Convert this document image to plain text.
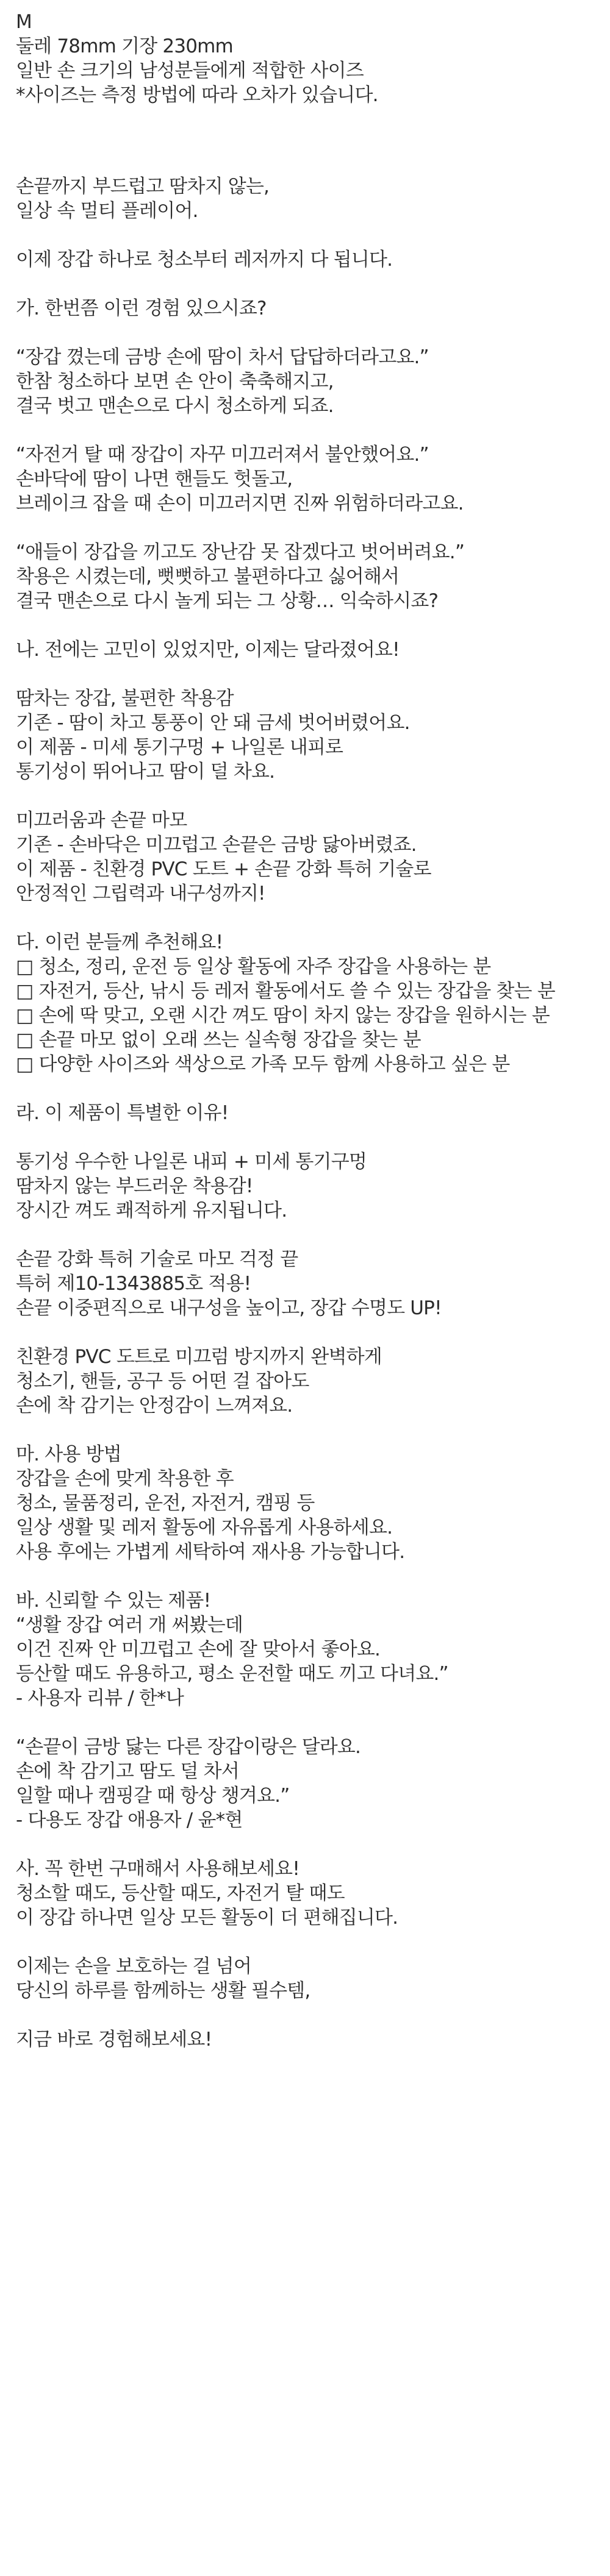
M
둘레 78mm 기장 230mm
일반 손 크기의 남성분들에게 적합한 사이즈
*사이즈는 측정 방법에 따라 오차가 있습니다.
손끝까지 부드럽고 땀차지 않는,
일상 속 멀티 플레이어.
이제 장갑 하나로 청소부터 레저까지 다 됩니다.
가. 한번쯤 이런 경험 있으시죠?
“장갑 꼈는데 금방 손에 땀이 차서 답답하더라고요.”
한참 청소하다 보면 손 안이 축축해지고,
결국 벗고 맨손으로 다시 청소하게 되죠.
“자전거 탈 때 장갑이 자꾸 미끄러져서 불안했어요.”
손바닥에 땀이 나면 핸들도 헛돌고,
브레이크 잡을 때 손이 미끄러지면 진짜 위험하더라고요.
“애들이 장갑을 끼고도 장난감 못 잡겠다고 벗어버려요.”
착용은 시켰는데, 뻣뻣하고 불편하다고 싫어해서
결국 맨손으로 다시 놀게 되는 그 상황… 익숙하시죠?
나. 전에는 고민이 있었지만, 이제는 달라졌어요!
땀차는 장갑, 불편한 착용감
기존 - 땀이 차고 통풍이 안 돼 금세 벗어버렸어요.
이 제품 - 미세 통기구멍 + 나일론 내피로
통기성이 뛰어나고 땀이 덜 차요.
미끄러움과 손끝 마모
기존 - 손바닥은 미끄럽고 손끝은 금방 닳아버렸죠.
이 제품 - 친환경 PVC 도트 + 손끝 강화 특허 기술로
안정적인 그립력과 내구성까지!
다. 이런 분들께 추천해요!
□ 청소, 정리, 운전 등 일상 활동에 자주 장갑을 사용하는 분
□ 자전거, 등산, 낚시 등 레저 활동에서도 쓸 수 있는 장갑을 찾는 분
□ 손에 딱 맞고, 오랜 시간 껴도 땀이 차지 않는 장갑을 원하시는 분
□ 손끝 마모 없이 오래 쓰는 실속형 장갑을 찾는 분
□ 다양한 사이즈와 색상으로 가족 모두 함께 사용하고 싶은 분
라. 이 제품이 특별한 이유!
통기성 우수한 나일론 내피 + 미세 통기구멍
땀차지 않는 부드러운 착용감!
장시간 껴도 쾌적하게 유지됩니다.
손끝 강화 특허 기술로 마모 걱정 끝
특허 제10-1343885호 적용!
손끝 이중편직으로 내구성을 높이고, 장갑 수명도 UP!
친환경 PVC 도트로 미끄럼 방지까지 완벽하게
청소기, 핸들, 공구 등 어떤 걸 잡아도
손에 착 감기는 안정감이 느껴져요.
마. 사용 방법
장갑을 손에 맞게 착용한 후
청소, 물품정리, 운전, 자전거, 캠핑 등
일상 생활 및 레저 활동에 자유롭게 사용하세요.
사용 후에는 가볍게 세탁하여 재사용 가능합니다.
바. 신뢰할 수 있는 제품!
“생활 장갑 여러 개 써봤는데
이건 진짜 안 미끄럽고 손에 잘 맞아서 좋아요.
등산할 때도 유용하고, 평소 운전할 때도 끼고 다녀요.”
- 사용자 리뷰 / 한*나
“손끝이 금방 닳는 다른 장갑이랑은 달라요.
손에 착 감기고 땀도 덜 차서
일할 때나 캠핑갈 때 항상 챙겨요.”
- 다용도 장갑 애용자 / 윤*현
사. 꼭 한번 구매해서 사용해보세요!
청소할 때도, 등산할 때도, 자전거 탈 때도
이 장갑 하나면 일상 모든 활동이 더 편해집니다.
이제는 손을 보호하는 걸 넘어
당신의 하루를 함께하는 생활 필수템,
지금 바로 경험해보세요!
